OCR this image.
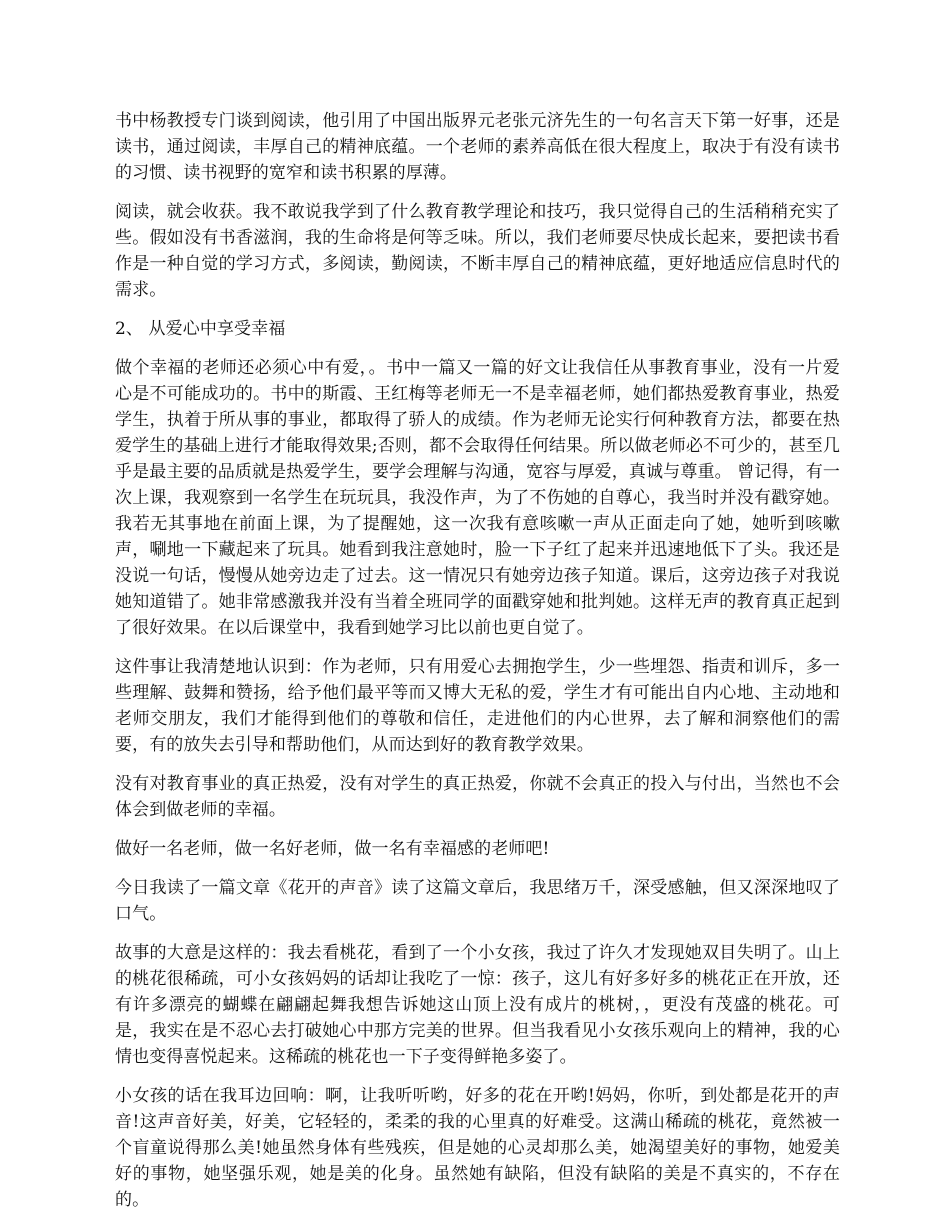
书中杨教授专门谈到阅读，他引用了中国出版界元老张元济先生的一句名言天下第一好事，还是读书，通过阅读，丰厚自己的精神底蕴。一个老师的素养高低在很大程度上，取决于有没有读书的习惯、读书视野的宽窄和读书积累的厚薄。

阅读，就会收获。我不敢说我学到了什么教育教学理论和技巧，我只觉得自己的生活稍稍充实了些。假如没有书香滋润，我的生命将是何等乏味。所以，我们老师要尽快成长起来，要把读书看作是一种自觉的学习方式，多阅读，勤阅读，不断丰厚自己的精神底蕴，更好地适应信息时代的需求。

2、 从爱心中享受幸福

做个幸福的老师还必须心中有爱，。书中一篇又一篇的好文让我信任从事教育事业，没有一片爱心是不可能成功的。书中的斯霞、王红梅等老师无一不是幸福老师，她们都热爱教育事业，热爱学生，执着于所从事的事业，都取得了骄人的成绩。作为老师无论实行何种教育方法，都要在热爱学生的基础上进行才能取得效果;否则，都不会取得任何结果。所以做老师必不可少的，甚至几乎是最主要的品质就是热爱学生，要学会理解与沟通，宽容与厚爱，真诚与尊重。 曾记得，有一次上课，我观察到一名学生在玩玩具，我没作声，为了不伤她的自尊心，我当时并没有戳穿她。我若无其事地在前面上课，为了提醒她，这一次我有意咳嗽一声从正面走向了她，她听到咳嗽声，唰地一下藏起来了玩具。她看到我注意她时，脸一下子红了起来并迅速地低下了头。我还是没说一句话，慢慢从她旁边走了过去。这一情况只有她旁边孩子知道。课后，这旁边孩子对我说她知道错了。她非常感激我并没有当着全班同学的面戳穿她和批判她。这样无声的教育真正起到了很好效果。在以后课堂中，我看到她学习比以前也更自觉了。

这件事让我清楚地认识到：作为老师，只有用爱心去拥抱学生，少一些埋怨、指责和训斥，多一些理解、鼓舞和赞扬，给予他们最平等而又博大无私的爱，学生才有可能出自内心地、主动地和老师交朋友，我们才能得到他们的尊敬和信任，走进他们的内心世界，去了解和洞察他们的需要，有的放失去引导和帮助他们，从而达到好的教育教学效果。

没有对教育事业的真正热爱，没有对学生的真正热爱，你就不会真正的投入与付出，当然也不会体会到做老师的幸福。

做好一名老师，做一名好老师，做一名有幸福感的老师吧!

今日我读了一篇文章《花开的声音》读了这篇文章后，我思绪万千，深受感触，但又深深地叹了口气。

故事的大意是这样的：我去看桃花，看到了一个小女孩，我过了许久才发现她双目失明了。山上的桃花很稀疏，可小女孩妈妈的话却让我吃了一惊：孩子，这儿有好多好多的桃花正在开放，还有许多漂亮的蝴蝶在翩翩起舞我想告诉她这山顶上没有成片的桃树，，更没有茂盛的桃花。可是，我实在是不忍心去打破她心中那方完美的世界。但当我看见小女孩乐观向上的精神，我的心情也变得喜悦起来。这稀疏的桃花也一下子变得鲜艳多姿了。

小女孩的话在我耳边回响：啊，让我听听哟，好多的花在开哟!妈妈，你听，到处都是花开的声音!这声音好美，好美，它轻轻的，柔柔的我的心里真的好难受。这满山稀疏的桃花，竟然被一个盲童说得那么美!她虽然身体有些残疾，但是她的心灵却那么美，她渴望美好的事物，她爱美好的事物，她坚强乐观，她是美的化身。虽然她有缺陷，但没有缺陷的美是不真实的，不存在的。
